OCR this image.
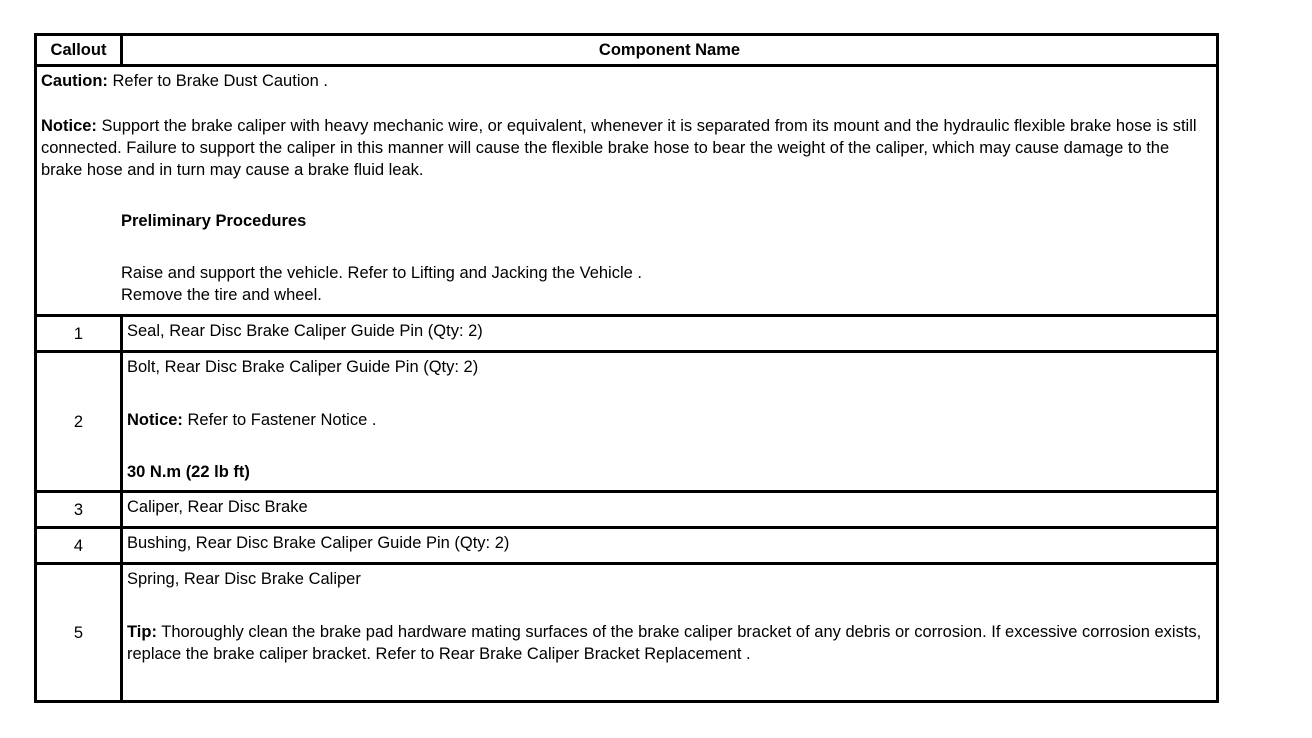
Callout	Component Name

Caution: Refer to Brake Dust Caution .

Notice: Support the brake caliper with heavy mechanic wire, or equivalent, whenever it is separated from its mount and the hydraulic flexible brake hose is still connected. Failure to support the caliper in this manner will cause the flexible brake hose to bear the weight of the caliper, which may cause damage to the brake hose and in turn may cause a brake fluid leak.

Preliminary Procedures

Raise and support the vehicle. Refer to Lifting and Jacking the Vehicle .

Remove the tire and wheel.	

1	Seal, Rear Disc Brake Caliper Guide Pin (Qty: 2)
2	Bolt, Rear Disc Brake Caliper Guide Pin (Qty: 2)

Notice: Refer to Fastener Notice .

30 N.m (22 lb ft)

3	Caliper, Rear Disc Brake
4	Bushing, Rear Disc Brake Caliper Guide Pin (Qty: 2)
5	Spring, Rear Disc Brake Caliper

Tip: Thoroughly clean the brake pad hardware mating surfaces of the brake caliper bracket of any debris or corrosion. If excessive corrosion exists, replace the brake caliper bracket. Refer to Rear Brake Caliper Bracket Replacement .
